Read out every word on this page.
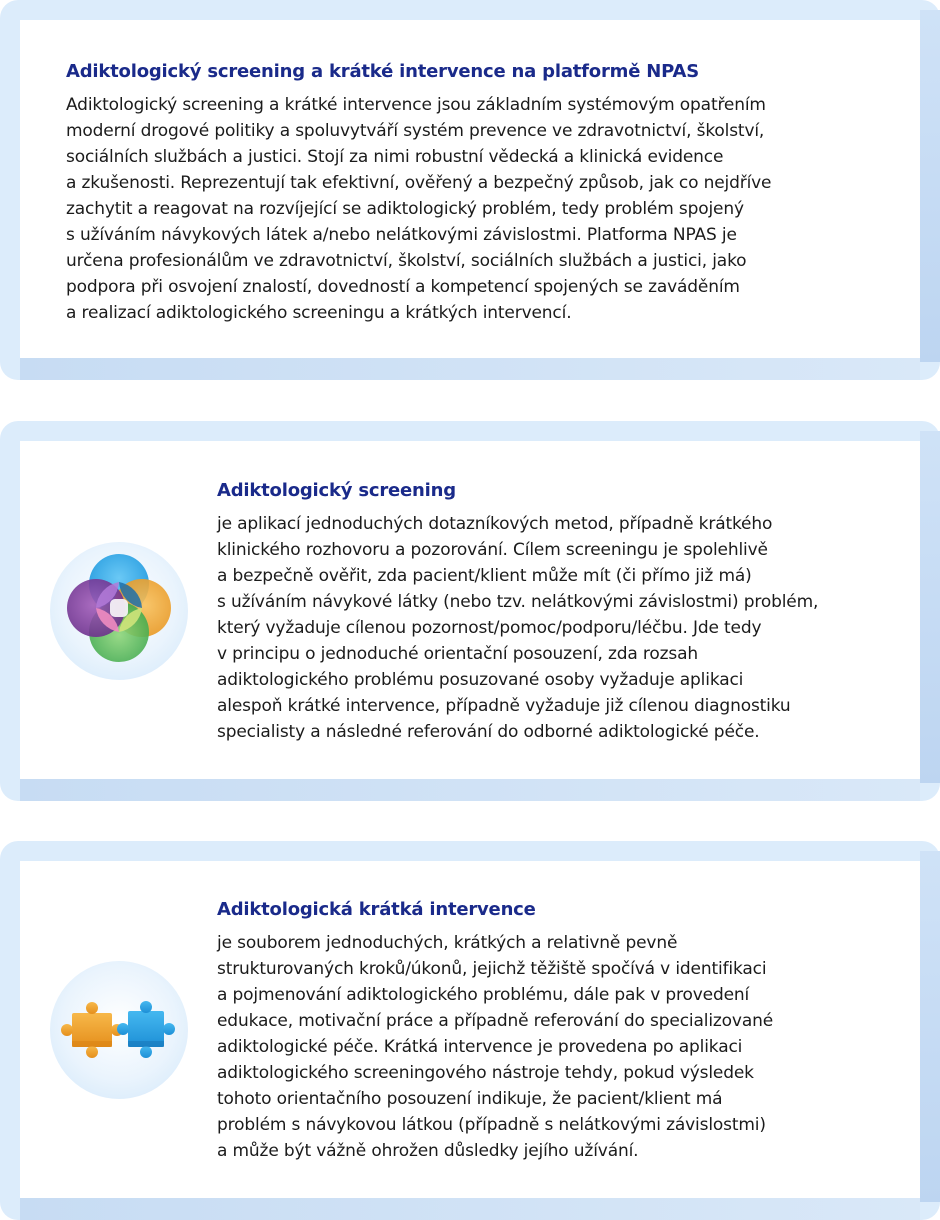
Adiktologický screening a krátké intervence na platformě NPAS
Adiktologický screening a krátké intervence jsou základním systémovým opatřením
moderní drogové politiky a spoluvytváří systém prevence ve zdravotnictví, školství,
sociálních službách a justici. Stojí za nimi robustní vědecká a klinická evidence
a zkušenosti. Reprezentují tak efektivní, ověřený a bezpečný způsob, jak co nejdříve
zachytit a reagovat na rozvíjející se adiktologický problém, tedy problém spojený
s užíváním návykových látek a/nebo nelátkovými závislostmi. Platforma NPAS je
určena profesionálům ve zdravotnictví, školství, sociálních službách a justici, jako
podpora při osvojení znalostí, dovedností a kompetencí spojených se zaváděním
a realizací adiktologického screeningu a krátkých intervencí.
Adiktologický screening
je aplikací jednoduchých dotazníkových metod, případně krátkého
klinického rozhovoru a pozorování. Cílem screeningu je spolehlivě
a bezpečně ověřit, zda pacient/klient může mít (či přímo již má)
s užíváním návykové látky (nebo tzv. nelátkovými závislostmi) problém,
který vyžaduje cílenou pozornost/pomoc/podporu/léčbu. Jde tedy
v principu o jednoduché orientační posouzení, zda rozsah
adiktologického problému posuzované osoby vyžaduje aplikaci
alespoň krátké intervence, případně vyžaduje již cílenou diagnostiku
specialisty a následné referování do odborné adiktologické péče.
Adiktologická krátká intervence
je souborem jednoduchých, krátkých a relativně pevně
strukturovaných kroků/úkonů, jejichž těžiště spočívá v identifikaci
a pojmenování adiktologického problému, dále pak v provedení
edukace, motivační práce a případně referování do specializované
adiktologické péče. Krátká intervence je provedena po aplikaci
adiktologického screeningového nástroje tehdy, pokud výsledek
tohoto orientačního posouzení indikuje, že pacient/klient má
problém s návykovou látkou (případně s nelátkovými závislostmi)
a může být vážně ohrožen důsledky jejího užívání.
